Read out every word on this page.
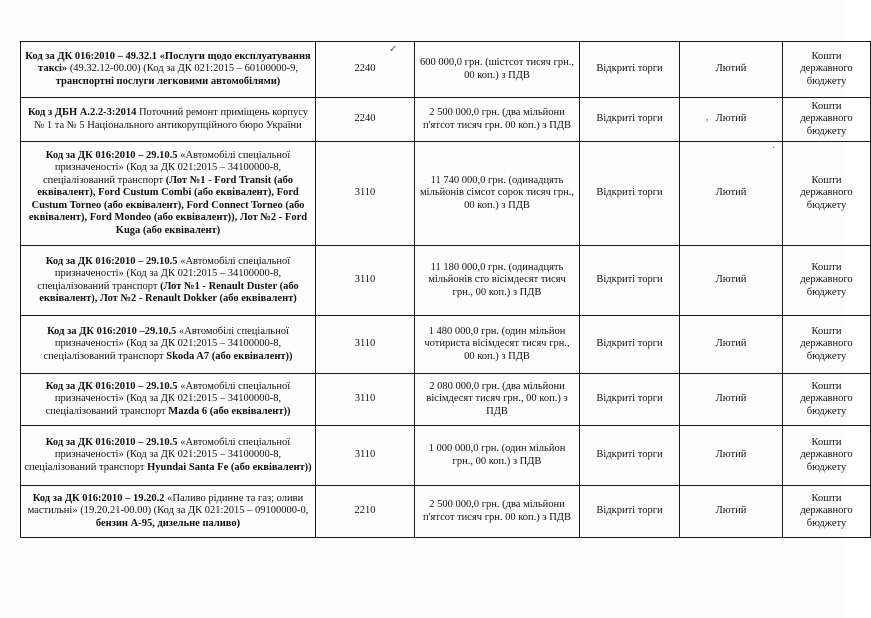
✓
,
·
Код за ДК 016:2010 – 49.32.1 «Послуги щодо експлуатування таксі» (49.32.12-00.00) (Код за ДК 021:2015 – 60100000-9, транспортні послуги легковими автомобілями)	2240	600 000,0 грн. (шістсот тисяч грн., 00 коп.) з ПДВ	Відкриті торги	Лютий	Кошти державного бюджету

Код з ДБН А.2.2-3:2014 Поточний ремонт приміщень корпусу № 1 та № 5 Національного антикорупційного бюро України	2240	2 500 000,0 грн. (два мільйони п'ятсот тисяч грн. 00 коп.) з ПДВ	Відкриті торги	Лютий	Кошти державного бюджету

Код за ДК 016:2010 – 29.10.5 «Автомобілі спеціальної призначеності» (Код за ДК 021:2015 – 34100000-8, спеціалізований транспорт (Лот №1 - Ford Transit (або еквівалент), Ford Custum Combi (або еквівалент), Ford Custum Torneo (або еквівалент), Ford Connect Torneo (або еквівалент), Ford Mondeo (або еквівалент)), Лот №2 - Ford Kuga (або еквівалент)	3110	11 740 000,0 грн. (одинадцять мільйонів сімсот сорок тисяч грн., 00 коп.) з ПДВ	Відкриті торги	Лютий	Кошти державного бюджету

Код за ДК 016:2010 – 29.10.5 «Автомобілі спеціальної призначеності» (Код за ДК 021:2015 – 34100000-8, спеціалізований транспорт (Лот №1 - Renault Duster (або еквівалент), Лот №2 - Renault Dokker (або еквівалент)	3110	11 180 000,0 грн. (одинадцять мільйонів сто вісімдесят тисяч грн., 00 коп.) з ПДВ	Відкриті торги	Лютий	Кошти державного бюджету

Код за ДК 016:2010 –29.10.5 «Автомобілі спеціальної призначеності» (Код за ДК 021:2015 – 34100000-8, спеціалізований транспорт Skoda A7 (або еквівалент))	3110	1 480 000,0 грн. (один мільйон чотириста вісімдесят тисяч грн., 00 коп.) з ПДВ	Відкриті торги	Лютий	Кошти державного бюджету

Код за ДК 016:2010 – 29.10.5 «Автомобілі спеціальної призначеності» (Код за ДК 021:2015 – 34100000-8, спеціалізований транспорт Mazda 6 (або еквівалент))	3110	2 080 000,0 грн. (два мільйони вісімдесят тисяч грн., 00 коп.) з ПДВ	Відкриті торги	Лютий	Кошти державного бюджету

Код за ДК 016:2010 – 29.10.5 «Автомобілі спеціальної призначеності» (Код за ДК 021:2015 – 34100000-8, спеціалізований транспорт Hyundai Santa Fe (або еквівалент))	3110	1 000 000,0 грн. (один мільйон грн., 00 коп.) з ПДВ	Відкриті торги	Лютий	Кошти державного бюджету

Код за ДК 016:2010 – 19.20.2 «Паливо рідинне та газ; оливи мастильні» (19.20.21-00.00) (Код за ДК 021:2015 – 09100000-0, бензин А-95, дизельне паливо)	2210	2 500 000,0 грн. (два мільйони п'ятсот тисяч грн. 00 коп.) з ПДВ	Відкриті торги	Лютий	Кошти державного бюджету
